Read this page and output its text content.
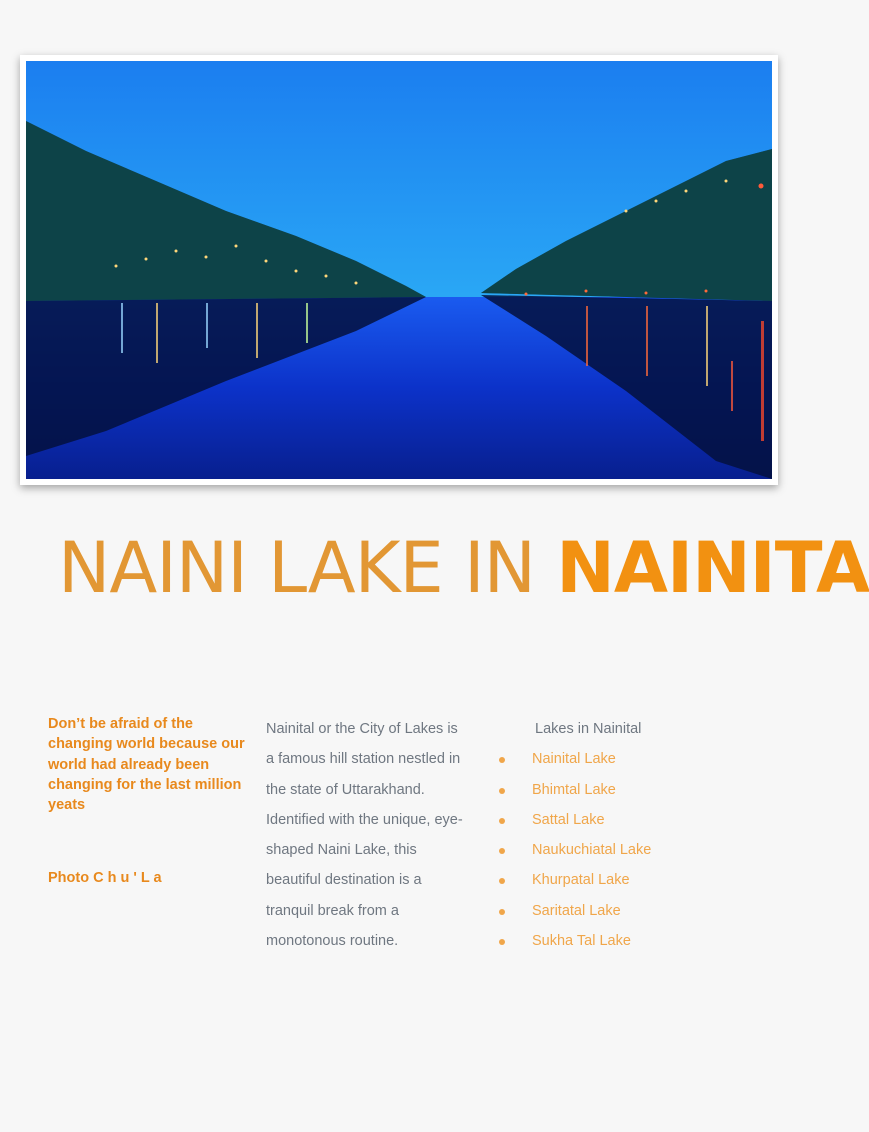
NAINI LAKE IN NAINITA
Don’t be afraid of the changing world because our world had already been changing for the last million yeats
Photo C h u ' L a
Nainital or the City of Lakes is a famous hill station nestled in the state of Uttarakhand. Identified with the unique, eye-shaped Naini Lake, this beautiful destination is a tranquil break from a monotonous routine.
Lakes in Nainital
Nainital Lake
Bhimtal Lake
Sattal Lake
Naukuchiatal Lake
Khurpatal Lake
Saritatal Lake
Sukha Tal Lake
